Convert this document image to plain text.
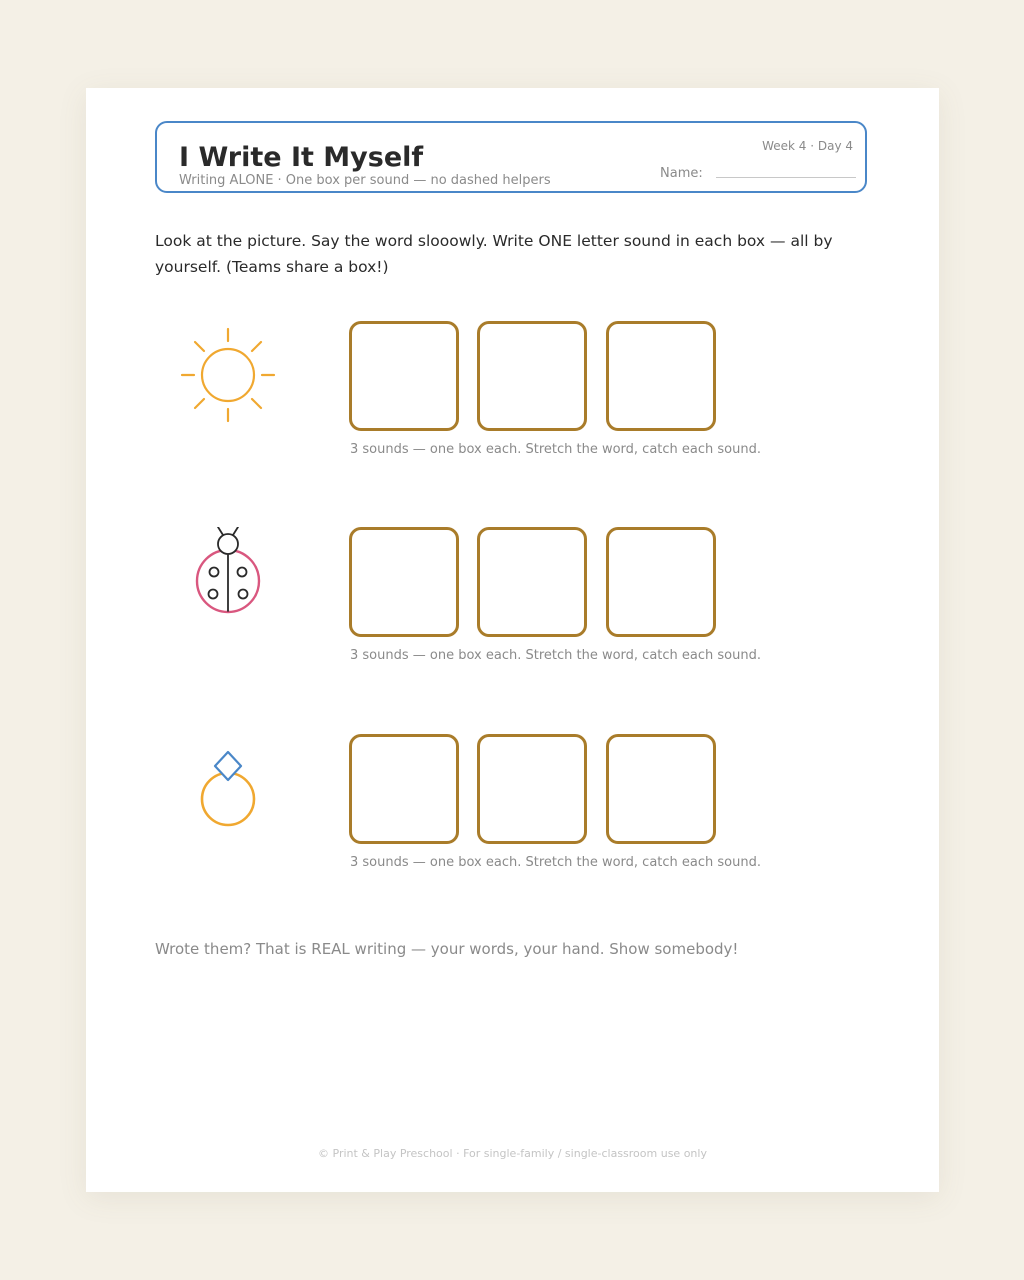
I Write It Myself
Writing ALONE · One box per sound — no dashed helpers
Week 4 · Day 4
Name:
Look at the picture. Say the word slooowly. Write ONE letter sound in each box — all by yourself. (Teams share a box!)
3 sounds — one box each. Stretch the word, catch each sound.
3 sounds — one box each. Stretch the word, catch each sound.
3 sounds — one box each. Stretch the word, catch each sound.
Wrote them? That is REAL writing — your words, your hand. Show somebody!
© Print & Play Preschool · For single-family / single-classroom use only
